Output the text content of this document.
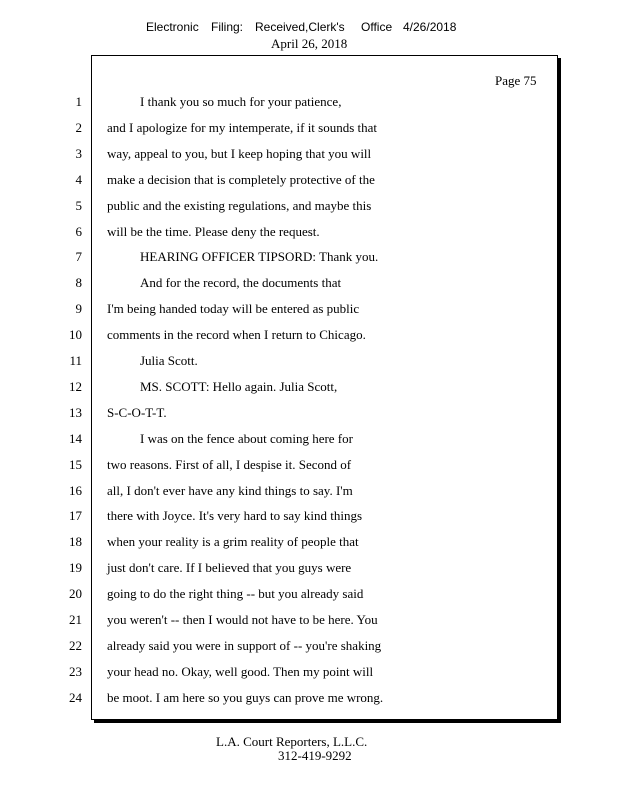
Electronic Filing: Received,Clerk's Office 4/26/2018
April 26, 2018
Page 75
1	I thank you so much for your patience,
2 and I apologize for my intemperate, if it sounds that
3 way, appeal to you, but I keep hoping that you will
4 make a decision that is completely protective of the
5 public and the existing regulations, and maybe this
6 will be the time. Please deny the request.
7	HEARING OFFICER TIPSORD: Thank you.
8	And for the record, the documents that
9 I'm being handed today will be entered as public
10 comments in the record when I return to Chicago.
11	Julia Scott.
12	MS. SCOTT: Hello again. Julia Scott,
13 S-C-O-T-T.
14	I was on the fence about coming here for
15 two reasons. First of all, I despise it. Second of
16 all, I don't ever have any kind things to say. I'm
17 there with Joyce. It's very hard to say kind things
18 when your reality is a grim reality of people that
19 just don't care. If I believed that you guys were
20 going to do the right thing -- but you already said
21 you weren't -- then I would not have to be here. You
22 already said you were in support of -- you're shaking
23 your head no. Okay, well good. Then my point will
24 be moot. I am here so you guys can prove me wrong.
L.A. Court Reporters, L.L.C.
312-419-9292
